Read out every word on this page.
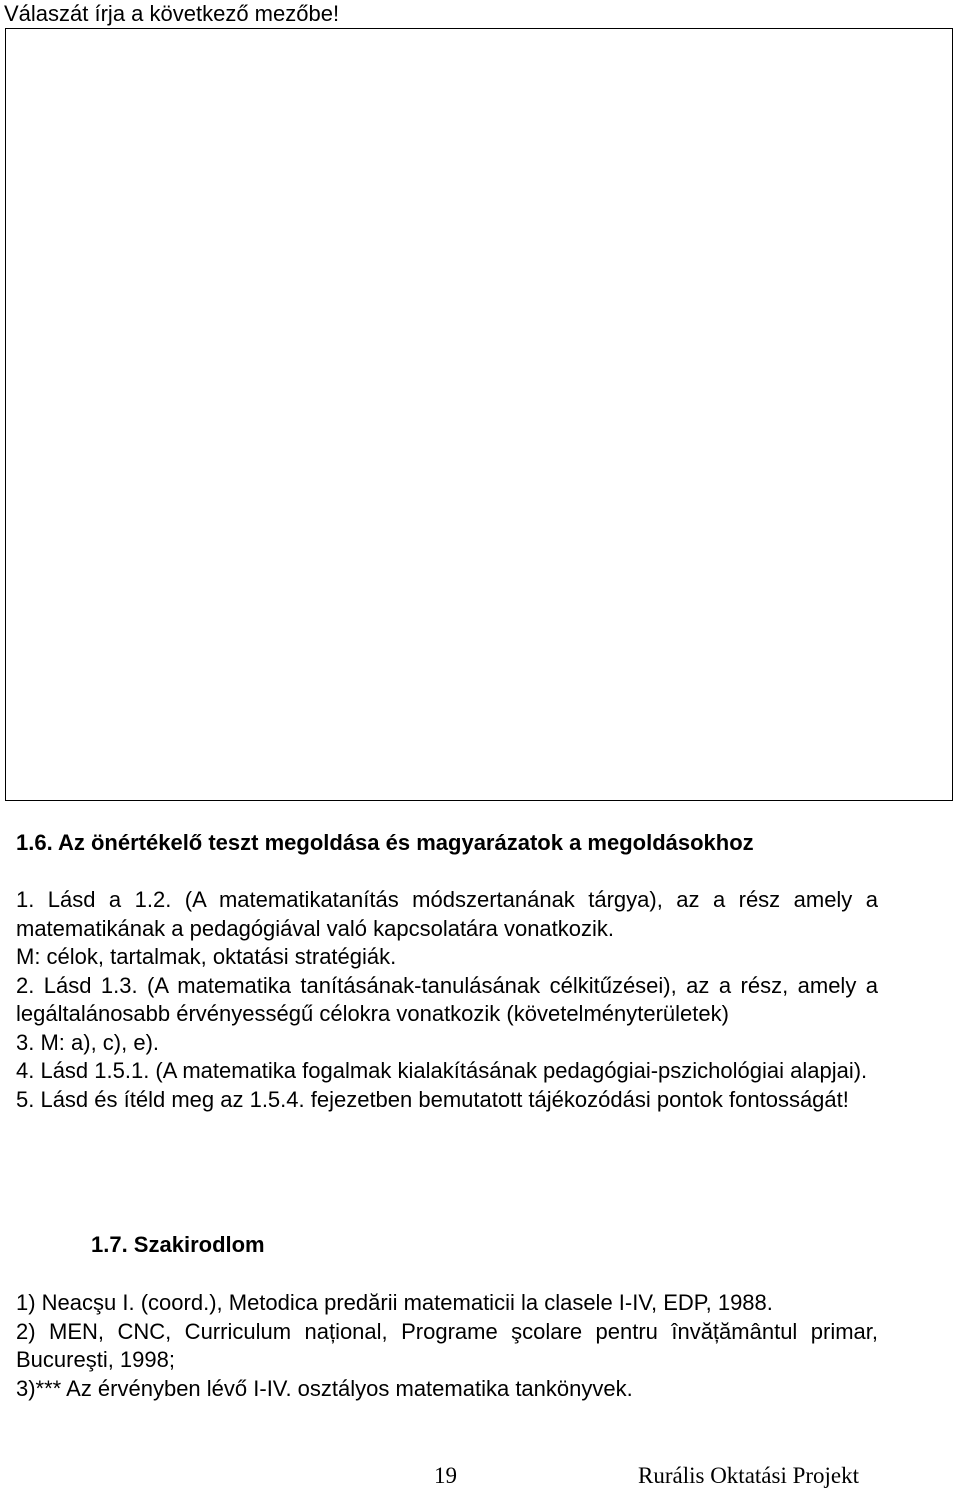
Válaszát írja a következő mezőbe!
1.6. Az önértékelő teszt megoldása és magyarázatok a megoldásokhoz

1. Lásd a 1.2. (A matematikatanítás módszertanának tárgya), az a rész amely a matematikának a pedagógiával való kapcsolatára vonatkozik.

M: célok, tartalmak, oktatási stratégiák.

2. Lásd 1.3. (A matematika tanításának-tanulásának célkitűzései), az a rész, amely a legáltalánosabb érvényességű célokra vonatkozik (követelményterületek)

3. M: a), c), e).

4. Lásd 1.5.1. (A matematika fogalmak kialakításának pedagógiai-pszichológiai alapjai).

5. Lásd és ítéld meg az 1.5.4. fejezetben bemutatott tájékozódási pontok fontosságát!

1.7. Szakirodlom

1) Neacşu I. (coord.), Metodica predării matematicii la clasele I-IV, EDP, 1988.

2) MEN, CNC, Curriculum național, Programe şcolare pentru învățământul primar, Bucureşti, 1998;

3)*** Az érvényben lévő I-IV. osztályos matematika tankönyvek.

19	Rurális Oktatási Projekt
